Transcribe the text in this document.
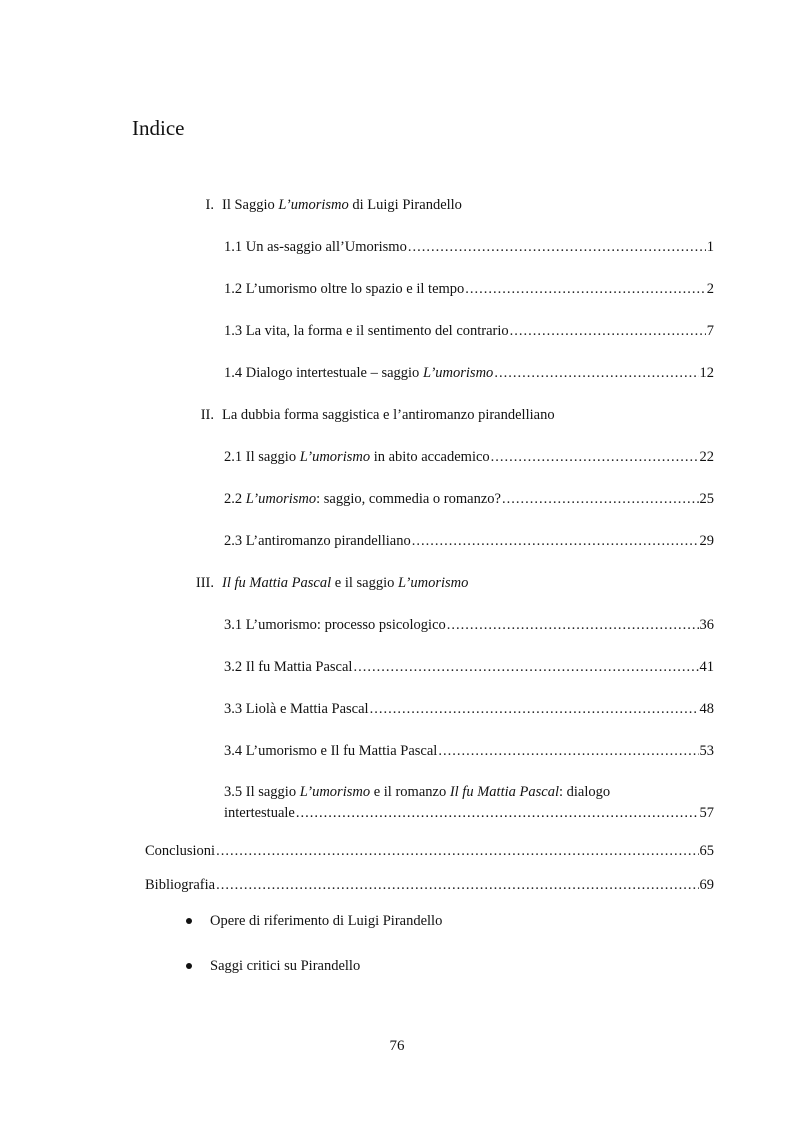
Indice
I. Il Saggio L’umorismo di Luigi Pirandello
1.1 Un as-saggio all’Umorismo .....	1
1.2 L’umorismo oltre lo spazio e il tempo .....	2
1.3 La vita, la forma e il sentimento del contrario .....	7
1.4 Dialogo intertestuale – saggio L’umorismo .....	12
II. La dubbia forma saggistica e l’antiromanzo pirandelliano
2.1 Il saggio L’umorismo in abito accademico .....	22
2.2 L’umorismo: saggio, commedia o romanzo? .....	25
2.3 L’antiromanzo pirandelliano .....	29
III. Il fu Mattia Pascal e il saggio L’umorismo
3.1 L’umorismo: processo psicologico .....	36
3.2 Il fu Mattia Pascal .....	41
3.3 Liolà e Mattia Pascal .....	48
3.4 L’umorismo e Il fu Mattia Pascal .....	53
3.5 Il saggio L’umorismo e il romanzo Il fu Mattia Pascal: dialogo
intertestuale .....	57
Conclusioni .....	65
Bibliografia .....	69
Opere di riferimento di Luigi Pirandello
Saggi critici su Pirandello
76
